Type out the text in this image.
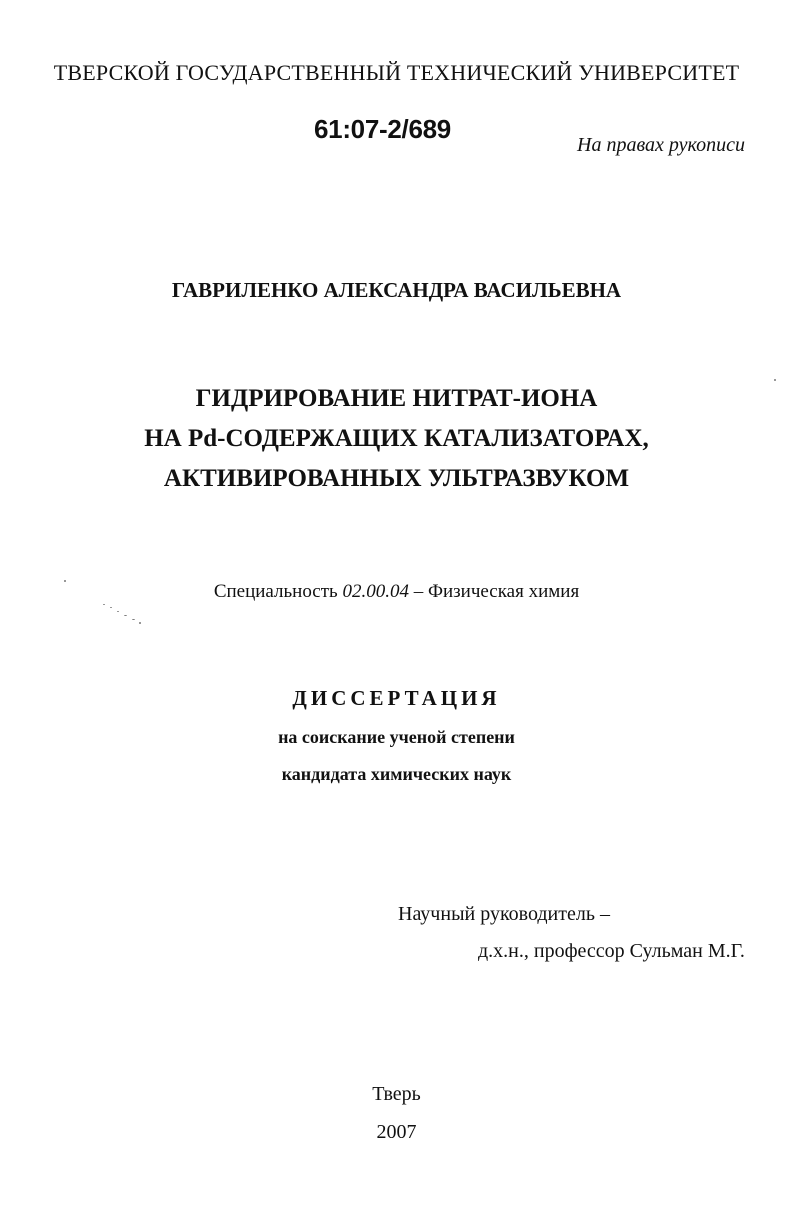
ТВЕРСКОЙ ГОСУДАРСТВЕННЫЙ ТЕХНИЧЕСКИЙ УНИВЕРСИТЕТ
61:07-2/689
На правах рукописи
ГАВРИЛЕНКО АЛЕКСАНДРА ВАСИЛЬЕВНА
ГИДРИРОВАНИЕ НИТРАТ-ИОНА
НА Pd-СОДЕРЖАЩИХ КАТАЛИЗАТОРАХ,
АКТИВИРОВАННЫХ УЛЬТРАЗВУКОМ
Специальность 02.00.04 – Физическая химия
ДИССЕРТАЦИЯ
на соискание ученой степени
кандидата химических наук
Научный руководитель –
д.х.н., профессор Сульман М.Г.
Тверь
2007
